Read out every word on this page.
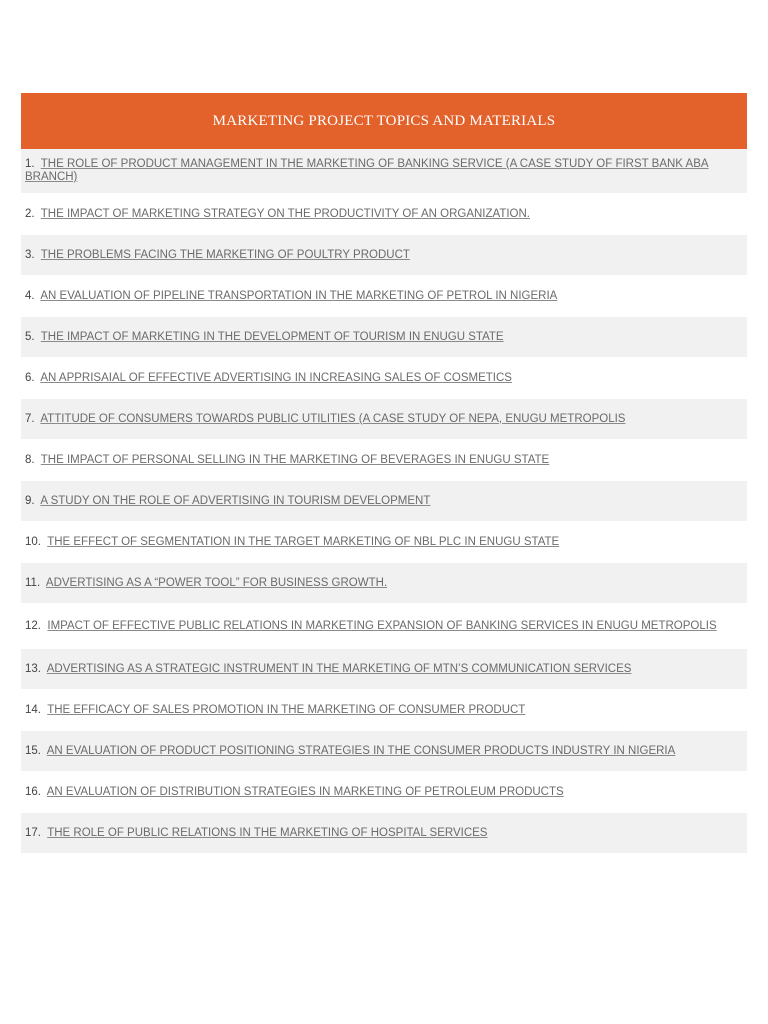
MARKETING PROJECT TOPICS AND MATERIALS
1. THE ROLE OF PRODUCT MANAGEMENT IN THE MARKETING OF BANKING SERVICE (A CASE STUDY OF FIRST BANK ABA BRANCH)
2. THE IMPACT OF MARKETING STRATEGY ON THE PRODUCTIVITY OF AN ORGANIZATION.
3. THE PROBLEMS FACING THE MARKETING OF POULTRY PRODUCT
4. AN EVALUATION OF PIPELINE TRANSPORTATION IN THE MARKETING OF PETROL IN NIGERIA
5. THE IMPACT OF MARKETING IN THE DEVELOPMENT OF TOURISM IN ENUGU STATE
6. AN APPRISAIAL OF EFFECTIVE ADVERTISING IN INCREASING SALES OF COSMETICS
7. ATTITUDE OF CONSUMERS TOWARDS PUBLIC UTILITIES (A CASE STUDY OF NEPA, ENUGU METROPOLIS
8. THE IMPACT OF PERSONAL SELLING IN THE MARKETING OF BEVERAGES IN ENUGU STATE
9. A STUDY ON THE ROLE OF ADVERTISING IN TOURISM DEVELOPMENT
10. THE EFFECT OF SEGMENTATION IN THE TARGET MARKETING OF NBL PLC IN ENUGU STATE
11. ADVERTISING AS A “POWER TOOL” FOR BUSINESS GROWTH.
12. IMPACT OF EFFECTIVE PUBLIC RELATIONS IN MARKETING EXPANSION OF BANKING SERVICES IN ENUGU METROPOLIS
13. ADVERTISING AS A STRATEGIC INSTRUMENT IN THE MARKETING OF MTN’S COMMUNICATION SERVICES
14. THE EFFICACY OF SALES PROMOTION IN THE MARKETING OF CONSUMER PRODUCT
15. AN EVALUATION OF PRODUCT POSITIONING STRATEGIES IN THE CONSUMER PRODUCTS INDUSTRY IN NIGERIA
16. AN EVALUATION OF DISTRIBUTION STRATEGIES IN MARKETING OF PETROLEUM PRODUCTS
17. THE ROLE OF PUBLIC RELATIONS IN THE MARKETING OF HOSPITAL SERVICES
